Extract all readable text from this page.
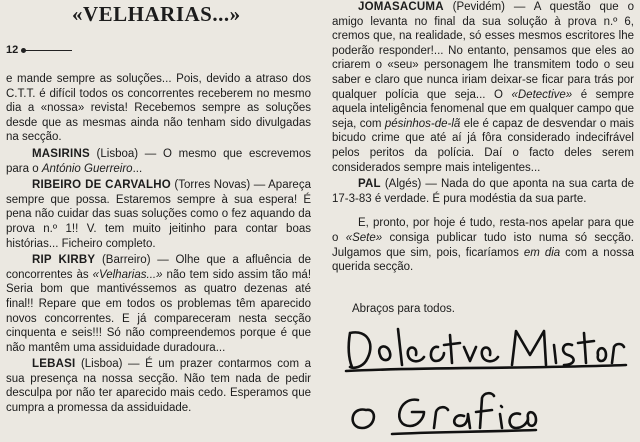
«VELHARIAS...»
12

e mande sempre as soluções... Pois, devido a atraso dos C.T.T. é difícil todos os concorrentes receberem no mesmo dia a «nossa» revista! Recebemos sempre as soluções desde que as mesmas ainda não tenham sido divulgadas na secção.

MASIRINS (Lisboa) — O mesmo que escrevemos para o António Guerreiro...

RIBEIRO DE CARVALHO (Torres Novas) — Apareça sempre que possa. Estaremos sempre à sua espera! É pena não cuidar das suas soluções como o fez aquando da prova n.º 1!! V. tem muito jeitinho para contar boas histórias... Ficheiro completo.

RIP KIRBY (Barreiro) — Olhe que a afluência de concorrentes às «Velharias...» não tem sido assim tão má! Seria bom que mantivéssemos as quatro dezenas até final!! Repare que em todos os problemas têm aparecido novos concorrentes. E já compareceram nesta secção cinquenta e seis!!! Só não compreendemos porque é que não mantêm uma assiduidade duradoura...

LEBASI (Lisboa) — É um prazer contarmos com a sua presença na nossa secção. Não tem nada de pedir desculpa por não ter aparecido mais cedo. Esperamos que cumpra a promessa da assiduidade.

JOMASACUMA (Pevidém) — A questão que o amigo levanta no final da sua solução à prova n.º 6, cremos que, na realidade, só esses mesmos escritores lhe poderão responder!... No entanto, pensamos que eles ao criarem o «seu» personagem lhe transmitem todo o seu saber e claro que nunca iriam deixar-se ficar para trás por qualquer polícia que seja... O «Detective» é sempre aquela inteligência fenomenal que em qualquer campo que seja, com pésinhos-de-lã ele é capaz de desvendar o mais bicudo crime que até aí já fôra considerado indecifrável pelos peritos da polícia. Daí o facto deles serem considerados sempre mais inteligentes...

PAL (Algés) — Nada do que aponta na sua carta de 17-3-83 é verdade. É pura modéstia da sua parte.

E, pronto, por hoje é tudo, resta-nos apelar para que o «Sete» consiga publicar tudo isto numa só secção. Julgamos que sim, pois, ficaríamos em dia com a nossa querida secção.

Abraços para todos.
